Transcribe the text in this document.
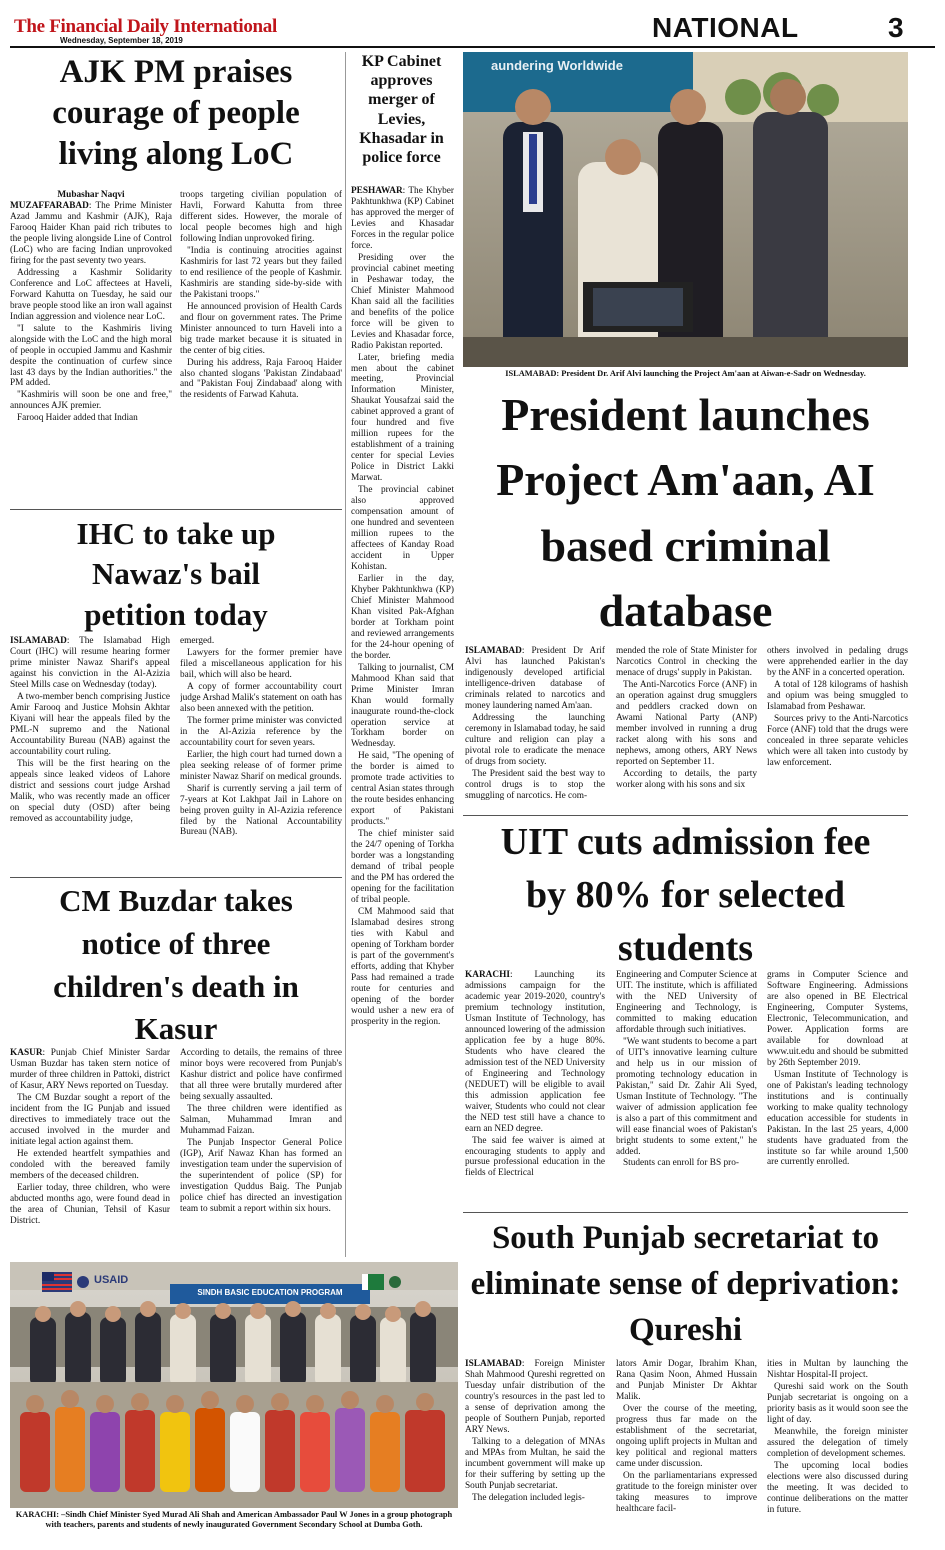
The Financial Daily International
Wednesday, September 18, 2019	NATIONAL	3
AJK PM praises courage of people living along LoC
Mubashar Naqvi

MUZAFFARABAD: The Prime Minister Azad Jammu and Kashmir (AJK), Raja Farooq Haider Khan paid rich tributes to the people living alongside Line of Control (LoC) who are facing Indian unprovoked firing for the past seventy two years.

Addressing a Kashmir Solidarity Conference and LoC affectees at Haveli, Forward Kahutta on Tuesday, he said our brave people stood like an iron wall against Indian aggression and violence near LoC.

"I salute to the Kashmiris living alongside with the LoC and the high moral of people in occupied Jammu and Kashmir despite the continuation of curfew since last 43 days by the Indian authorities." the PM added.

"Kashmiris will soon be one and free," announces AJK premier.

Farooq Haider added that Indian

troops targeting civilian population of Havli, Forward Kahutta from three different sides. However, the morale of local people becomes high and high following Indian unprovoked firing.

"India is continuing atrocities against Kashmiris for last 72 years but they failed to end resilience of the people of Kashmir. Kashmiris are standing side-by-side with the Pakistani troops."

He announced provision of Health Cards and flour on government rates. The Prime Minister announced to turn Haveli into a big trade market because it is situated in the center of big cities.

During his address, Raja Farooq Haider also chanted slogans 'Pakistan Zindabaad' and "Pakistan Fouj Zindabaad' along with the residents of Farwad Kahuta.

IHC to take up Nawaz's bail petition today

ISLAMABAD: The Islamabad High Court (IHC) will resume hearing former prime minister Nawaz Sharif's appeal against his conviction in the Al-Azizia Steel Mills case on Wednesday (today).

A two-member bench comprising Justice Amir Farooq and Justice Mohsin Akhtar Kiyani will hear the appeals filed by the PML-N supremo and the National Accountability Bureau (NAB) against the accountability court ruling.

This will be the first hearing on the appeals since leaked videos of Lahore district and sessions court judge Arshad Malik, who was recently made an officer on special duty (OSD) after being removed as accountability judge,

emerged.

Lawyers for the former premier have filed a miscellaneous application for his bail, which will also be heard.

A copy of former accountability court judge Arshad Malik's statement on oath has also been annexed with the petition.

The former prime minister was convicted in the Al-Azizia reference by the accountability court for seven years.

Earlier, the high court had turned down a plea seeking release of of former prime minister Nawaz Sharif on medical grounds.

Sharif is currently serving a jail term of 7-years at Kot Lakhpat Jail in Lahore on being proven guilty in Al-Azizia reference filed by the National Accountability Bureau (NAB).

CM Buzdar takes notice of three children's death in Kasur

KASUR: Punjab Chief Minister Sardar Usman Buzdar has taken stern notice of murder of three children in Pattoki, district of Kasur, ARY News reported on Tuesday.

The CM Buzdar sought a report of the incident from the IG Punjab and issued directives to immediately trace out the accused involved in the murder and initiate legal action against them.

He extended heartfelt sympathies and condoled with the bereaved family members of the deceased children.

Earlier today, three children, who were abducted months ago, were found dead in the area of Chunian, Tehsil of Kasur District.

According to details, the remains of three minor boys were recovered from Punjab's Kashur district and police have confirmed that all three were brutally murdered after being sexually assaulted.

The three children were identified as Salman, Muhammad Imran and Muhammad Faizan.

The Punjab Inspector General Police (IGP), Arif Nawaz Khan has formed an investigation team under the supervision of the superintendent of police (SP) for investigation Quddus Baig. The Punjab police chief has directed an investigation team to submit a report within six hours.

USAID
SINDH BASIC EDUCATION PROGRAM
KARACHI: –Sindh Chief Minister Syed Murad Ali Shah and American Ambassador Paul W Jones in a group photograph with teachers, parents and students of newly inaugurated Government Secondary School at Dumba Goth.
KP Cabinet approves merger of Levies, Khasadar in police force

PESHAWAR: The Khyber Pakhtunkhwa (KP) Cabinet has approved the merger of Levies and Khasadar Forces in the regular police force.

Presiding over the provincial cabinet meeting in Peshawar today, the Chief Minister Mahmood Khan said all the facilities and benefits of the police force will be given to Levies and Khasadar force, Radio Pakistan reported.

Later, briefing media men about the cabinet meeting, Provincial Information Minister, Shaukat Yousafzai said the cabinet approved a grant of four hundred and five million rupees for the establishment of a training center for special Levies Police in District Lakki Marwat.

The provincial cabinet also approved compensation amount of one hundred and seventeen million rupees to the affectees of Kanday Road accident in Upper Kohistan.

Earlier in the day, Khyber Pakhtunkhwa (KP) Chief Minister Mahmood Khan visited Pak-Afghan border at Torkham point and reviewed arrangements for the 24-hour opening of the border.

Talking to journalist, CM Mahmood Khan said that Prime Minister Imran Khan would formally inaugurate round-the-clock operation service at Torkham border on Wednesday.

He said, "The opening of the border is aimed to promote trade activities to central Asian states through the route besides enhancing export of Pakistani products."

The chief minister said the 24/7 opening of Torkha border was a longstanding demand of tribal people and the PM has ordered the opening for the facilitation of tribal people.

CM Mahmood said that Islamabad desires strong ties with Kabul and opening of Torkham border is part of the government's efforts, adding that Khyber Pass had remained a trade route for centuries and opening of the border would usher a new era of prosperity in the region.

aundering Worldwide
ISLAMABAD: President Dr. Arif Alvi launching the Project Am'aan at Aiwan-e-Sadr on Wednesday.
President launches Project Am'aan, AI based criminal database

ISLAMABAD: President Dr Arif Alvi has launched Pakistan's indigenously developed artificial intelligence-driven database of criminals related to narcotics and money laundering named Am'aan.

Addressing the launching ceremony in Islamabad today, he said culture and religion can play a pivotal role to eradicate the menace of drugs from society.

The President said the best way to control drugs is to stop the smuggling of narcotics. He com-

mended the role of State Minister for Narcotics Control in checking the menace of drugs' supply in Pakistan.

The Anti-Narcotics Force (ANF) in an operation against drug smugglers and peddlers cracked down on Awami National Party (ANP) member involved in running a drug racket along with his sons and nephews, among others, ARY News reported on September 11.

According to details, the party worker along with his sons and six

others involved in pedaling drugs were apprehended earlier in the day by the ANF in a concerted operation.

A total of 128 kilograms of hashish and opium was being smuggled to Islamabad from Peshawar.

Sources privy to the Anti-Narcotics Force (ANF) told that the drugs were concealed in three separate vehicles which were all taken into custody by law enforcement.

UIT cuts admission fee by 80% for selected students

KARACHI: Launching its admissions campaign for the academic year 2019-2020, country's premium technology institution, Usman Institute of Technology, has announced lowering of the admission application fee by a huge 80%. Students who have cleared the admission test of the NED University of Engineering and Technology (NEDUET) will be eligible to avail this admission application fee waiver, Students who could not clear the NED test still have a chance to earn an NED degree.

The said fee waiver is aimed at encouraging students to apply and pursue professional education in the fields of Electrical

Engineering and Computer Science at UIT. The institute, which is affiliated with the NED University of Engineering and Technology, is committed to making education affordable through such initiatives.

"We want students to become a part of UIT's innovative learning culture and help us in our mission of promoting technology education in Pakistan," said Dr. Zahir Ali Syed, Usman Institute of Technology. "The waiver of admission application fee is also a part of this commitment and will ease financial woes of Pakistan's bright students to some extent," he added.

Students can enroll for BS pro-

grams in Computer Science and Software Engineering. Admissions are also opened in BE Electrical Engineering, Computer Systems, Electronic, Telecommunication, and Power. Application forms are available for download at www.uit.edu and should be submitted by 26th September 2019.

Usman Institute of Technology is one of Pakistan's leading technology institutions and is continually working to make quality technology education accessible for students in Pakistan. In the last 25 years, 4,000 students have graduated from the institute so far while around 1,500 are currently enrolled.

South Punjab secretariat to eliminate sense of deprivation: Qureshi

ISLAMABAD: Foreign Minister Shah Mahmood Qureshi regretted on Tuesday unfair distribution of the country's resources in the past led to a sense of deprivation among the people of Southern Punjab, reported ARY News.

Talking to a delegation of MNAs and MPAs from Multan, he said the incumbent government will make up for their suffering by setting up the South Punjab secretariat.

The delegation included legis-

lators Amir Dogar, Ibrahim Khan, Rana Qasim Noon, Ahmed Hussain and Punjab Minister Dr Akhtar Malik.

Over the course of the meeting, progress thus far made on the establishment of the secretariat, ongoing uplift projects in Multan and key political and regional matters came under discussion.

On the parliamentarians expressed gratitude to the foreign minister over taking measures to improve healthcare facil-

ities in Multan by launching the Nishtar Hospital-II project.

Qureshi said work on the South Punjab secretariat is ongoing on a priority basis as it would soon see the light of day.

Meanwhile, the foreign minister assured the delegation of timely completion of development schemes.

The upcoming local bodies elections were also discussed during the meeting. It was decided to continue deliberations on the matter in future.
